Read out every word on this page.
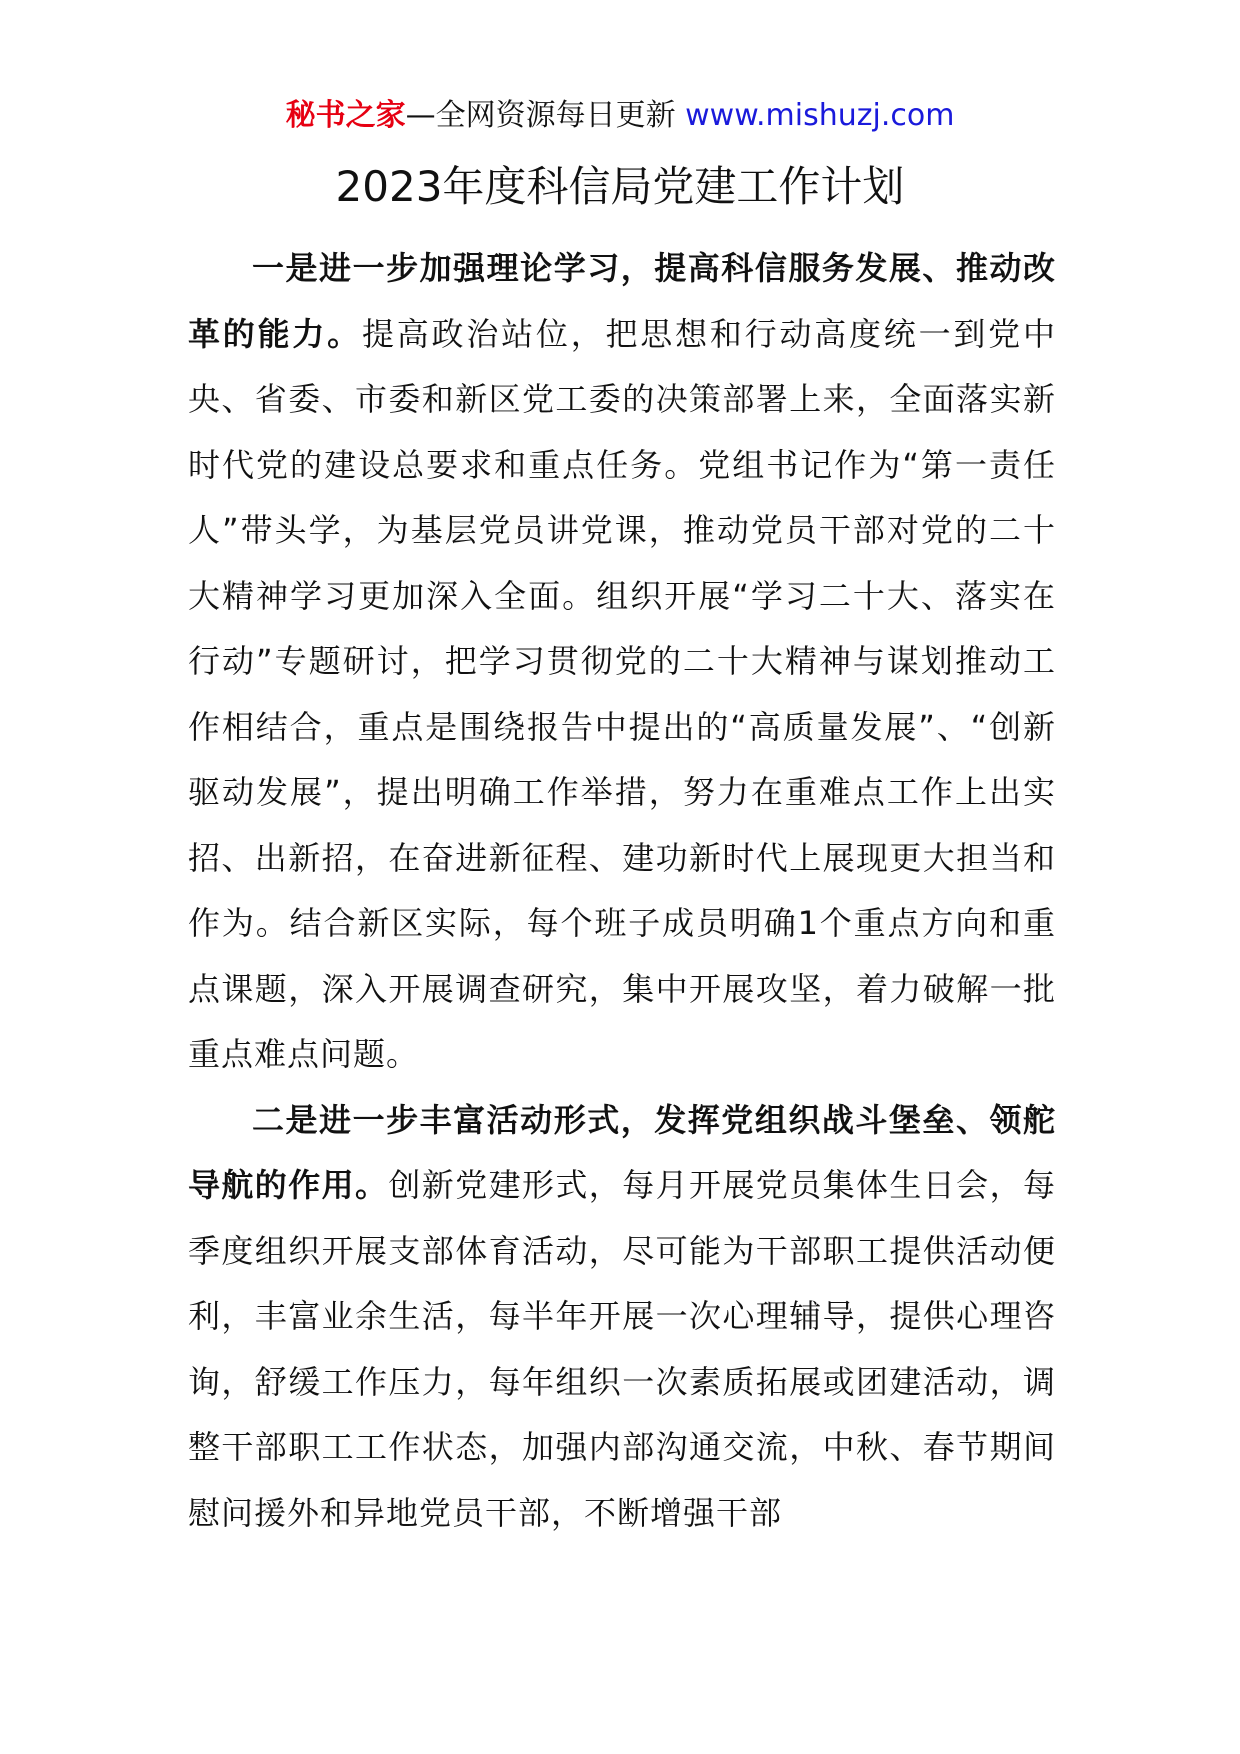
秘书之家—全网资源每日更新 www.mishuzj.com
2023年度科信局党建工作计划

一是进一步加强理论学习，提高科信服务发展、推动改革的能力。提高政治站位，把思想和行动高度统一到党中央、省委、市委和新区党工委的决策部署上来，全面落实新时代党的建设总要求和重点任务。党组书记作为“第一责任人”带头学，为基层党员讲党课，推动党员干部对党的二十大精神学习更加深入全面。组织开展“学习二十大、落实在行动”专题研讨，把学习贯彻党的二十大精神与谋划推动工作相结合，重点是围绕报告中提出的“高质量发展”、“创新驱动发展”，提出明确工作举措，努力在重难点工作上出实招、出新招，在奋进新征程、建功新时代上展现更大担当和作为。结合新区实际，每个班子成员明确1个重点方向和重点课题，深入开展调查研究，集中开展攻坚，着力破解一批重点难点问题。

二是进一步丰富活动形式，发挥党组织战斗堡垒、领舵导航的作用。创新党建形式，每月开展党员集体生日会，每季度组织开展支部体育活动，尽可能为干部职工提供活动便利，丰富业余生活，每半年开展一次心理辅导，提供心理咨询，舒缓工作压力，每年组织一次素质拓展或团建活动，调整干部职工工作状态，加强内部沟通交流，中秋、春节期间慰问援外和异地党员干部，不断增强干部
